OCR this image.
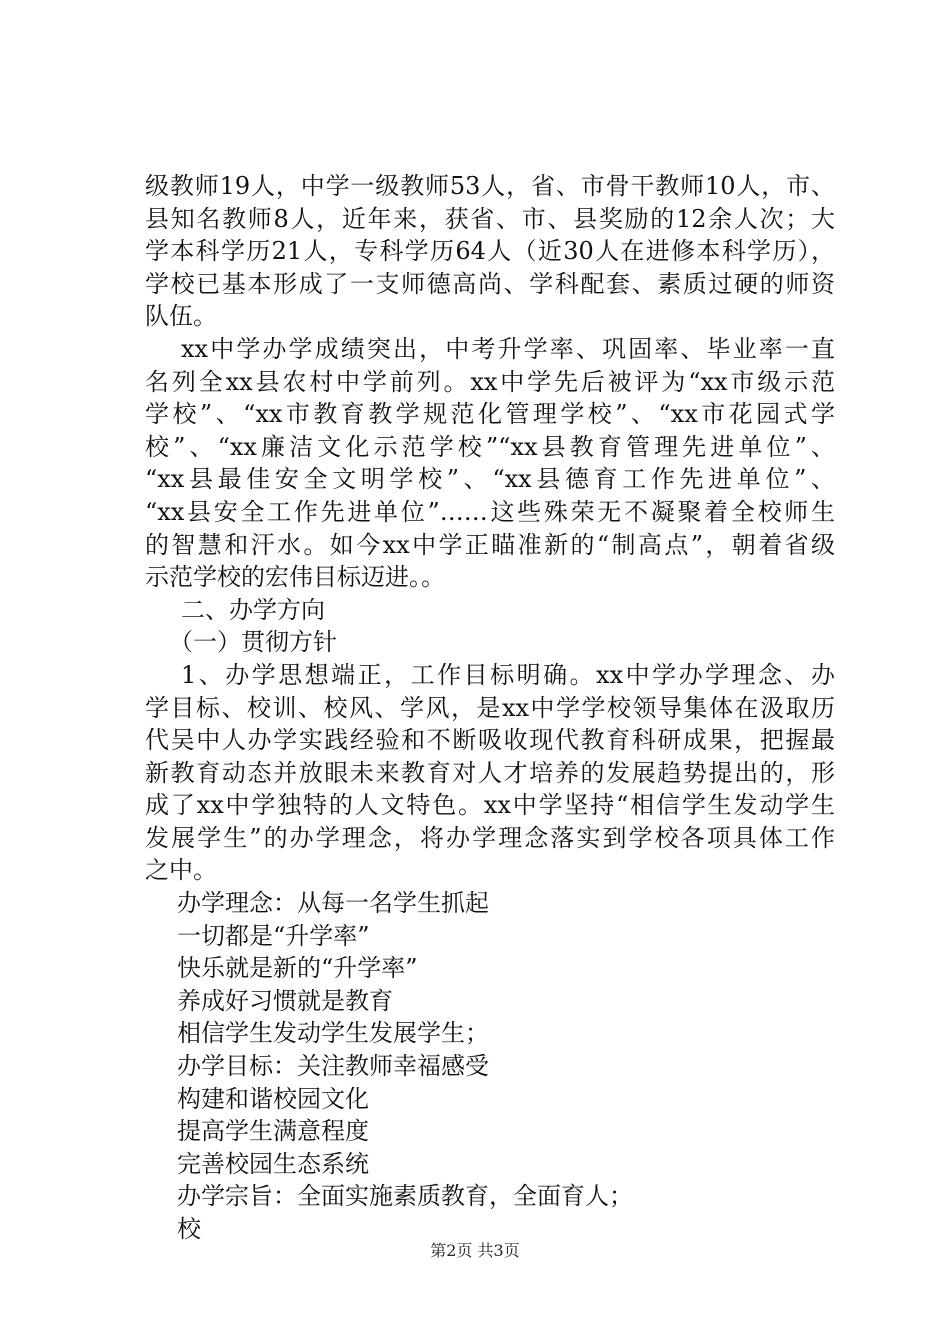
级教师19人，中学一级教师53人，省、市骨干教师10人，市、
县知名教师8人，近年来，获省、市、县奖励的12余人次；大
学本科学历21人，专科学历64人（近30人在进修本科学历），
学校已基本形成了一支师德高尚、学科配套、素质过硬的师资
队伍。
xx中学办学成绩突出，中考升学率、巩固率、毕业率一直
名列全xx县农村中学前列。xx中学先后被评为“xx市级示范
学校”、“xx市教育教学规范化管理学校”、“xx市花园式学
校”、“xx廉洁文化示范学校”“xx县教育管理先进单位”、
“xx县最佳安全文明学校”、“xx县德育工作先进单位”、
“xx县安全工作先进单位”……这些殊荣无不凝聚着全校师生
的智慧和汗水。如今xx中学正瞄准新的“制高点”，朝着省级
示范学校的宏伟目标迈进。。
二、办学方向
（一）贯彻方针
1、办学思想端正，工作目标明确。xx中学办学理念、办
学目标、校训、校风、学风，是xx中学学校领导集体在汲取历
代吴中人办学实践经验和不断吸收现代教育科研成果，把握最
新教育动态并放眼未来教育对人才培养的发展趋势提出的，形
成了xx中学独特的人文特色。xx中学坚持“相信学生发动学生
发展学生”的办学理念，将办学理念落实到学校各项具体工作
之中。
办学理念：从每一名学生抓起
一切都是“升学率”
快乐就是新的“升学率”
养成好习惯就是教育
相信学生发动学生发展学生；
办学目标：关注教师幸福感受
构建和谐校园文化
提高学生满意程度
完善校园生态系统
办学宗旨：全面实施素质教育，全面育人；
校
第2页 共3页
